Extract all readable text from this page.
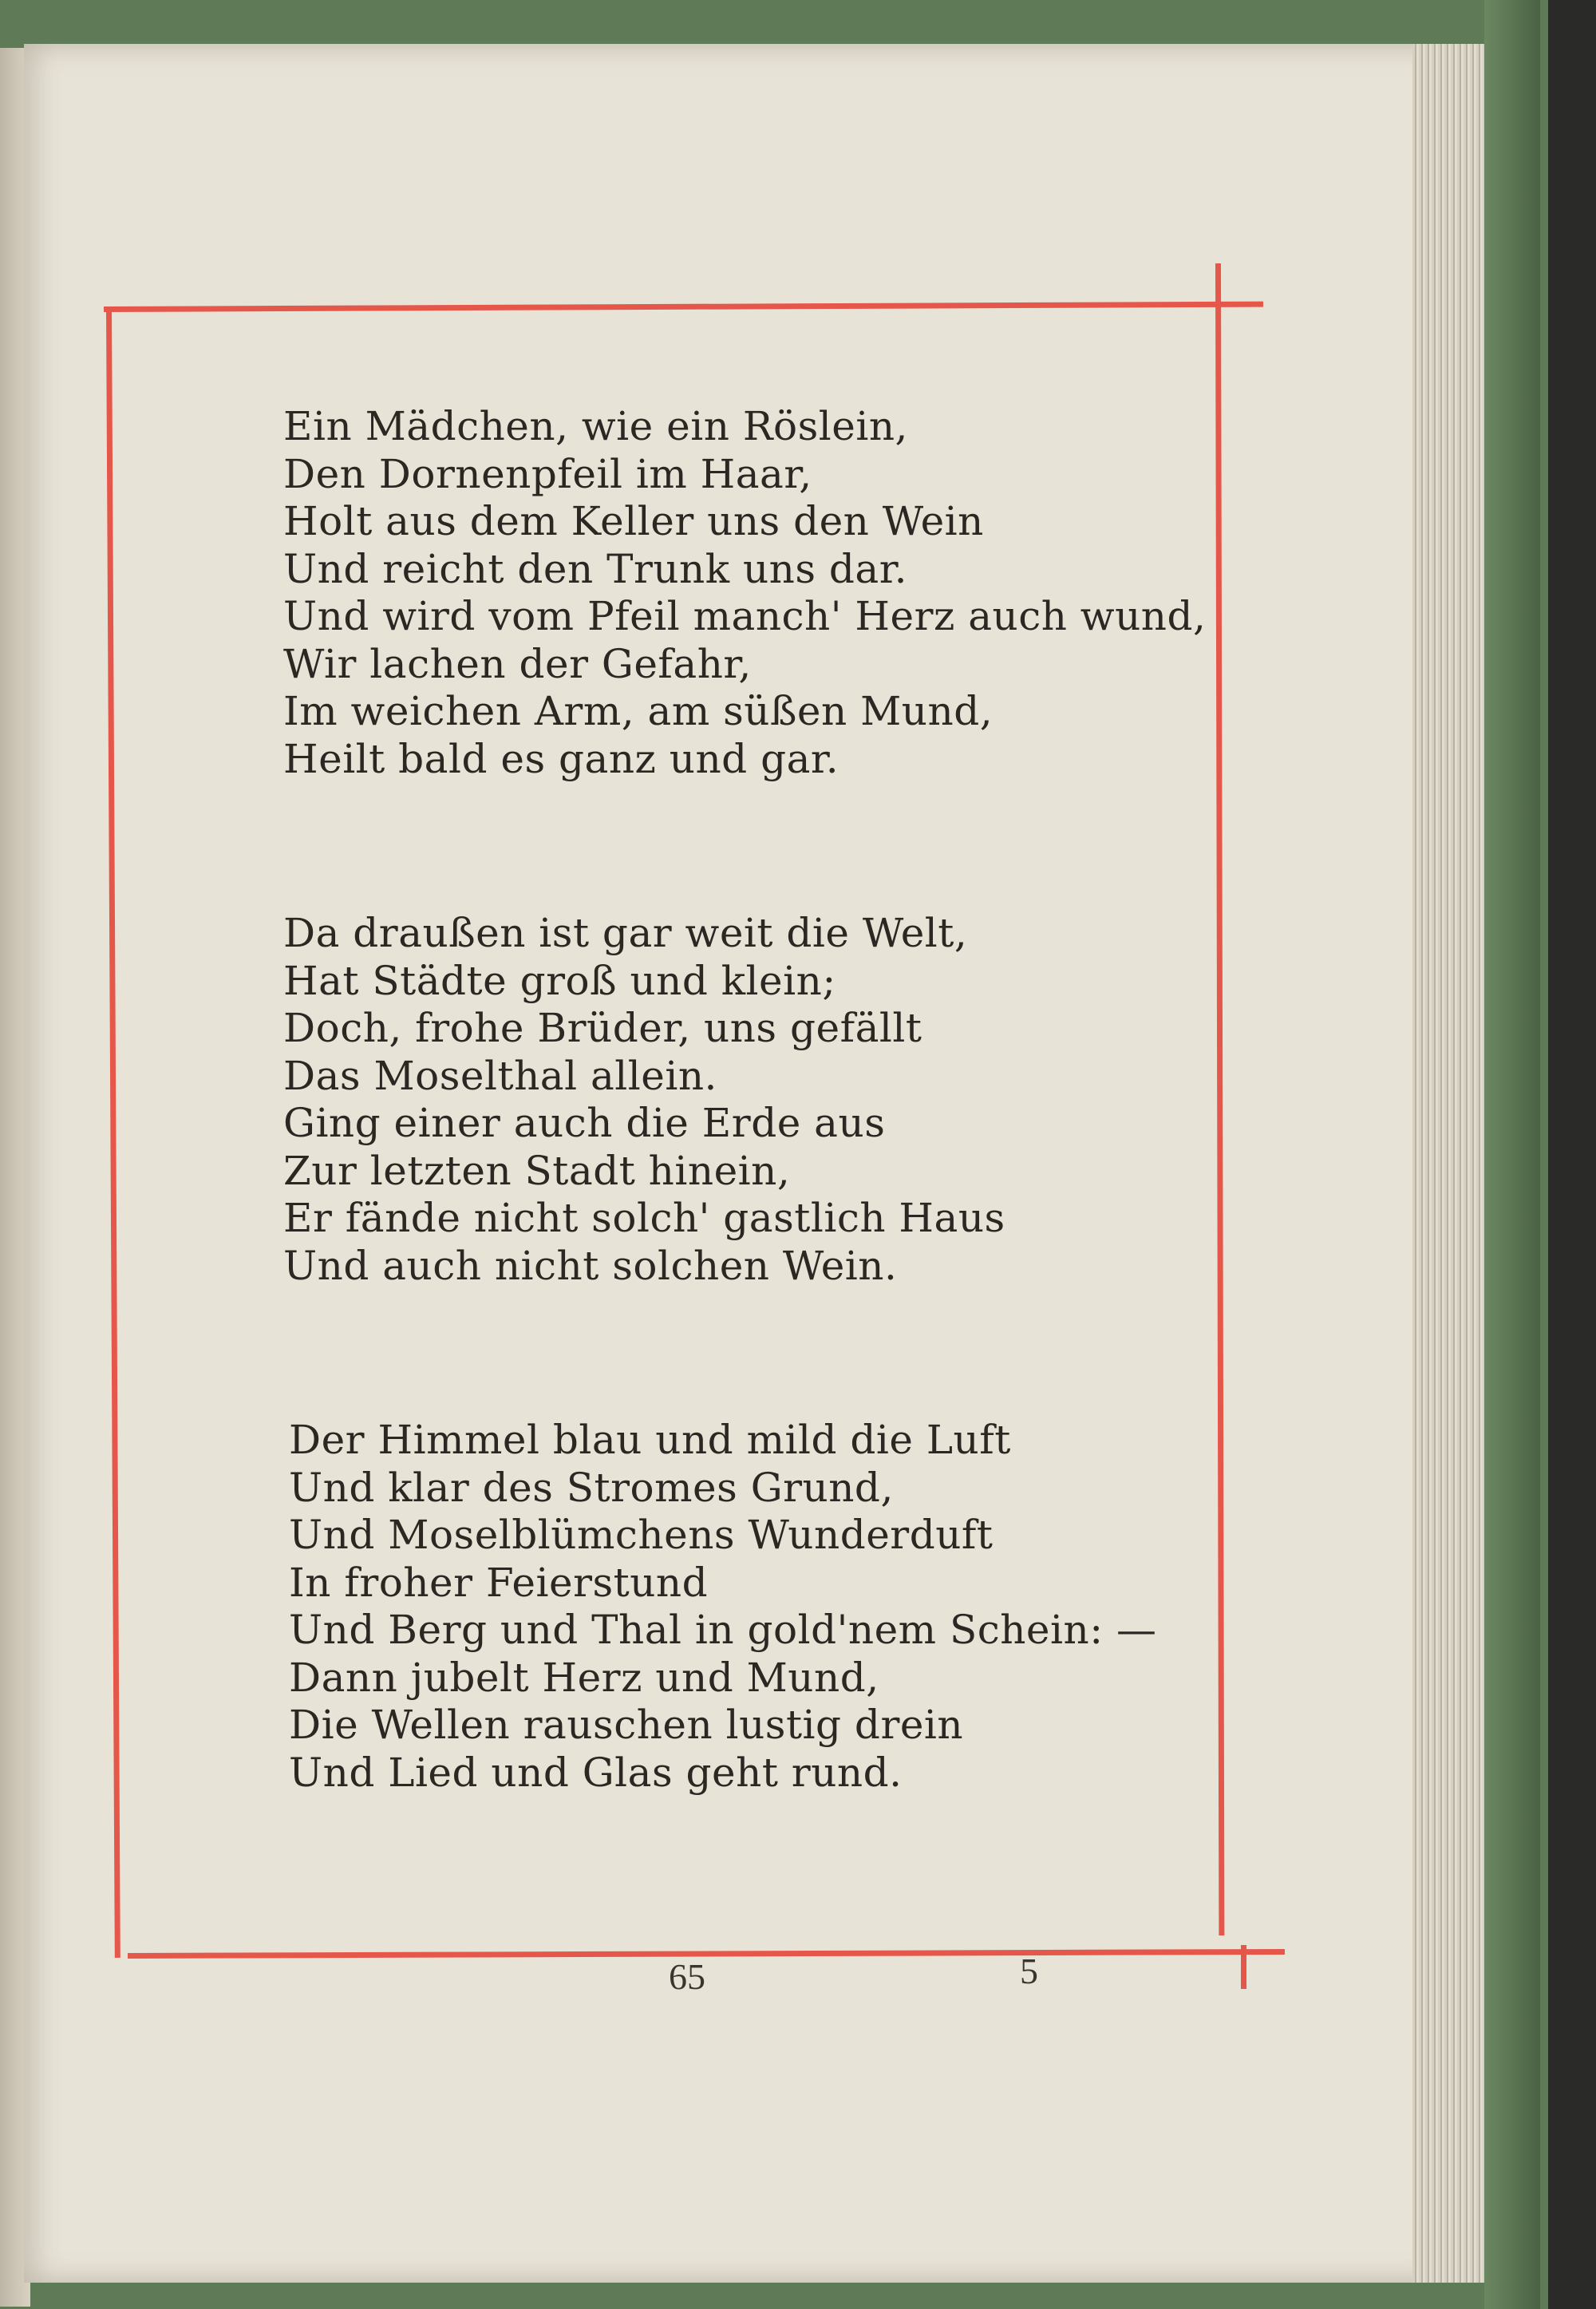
Ein Mädchen, wie ein Röslein,
Den Dornenpfeil im Haar,
Holt aus dem Keller uns den Wein
Und reicht den Trunk uns dar.
Und wird vom Pfeil manch' Herz auch wund,
Wir lachen der Gefahr,
Im weichen Arm, am süßen Mund,
Heilt bald es ganz und gar.
Da draußen ist gar weit die Welt,
Hat Städte groß und klein;
Doch, frohe Brüder, uns gefällt
Das Moselthal allein.
Ging einer auch die Erde aus
Zur letzten Stadt hinein,
Er fände nicht solch' gastlich Haus
Und auch nicht solchen Wein.
Der Himmel blau und mild die Luft
Und klar des Stromes Grund,
Und Moselblümchens Wunderduft
In froher Feierstund
Und Berg und Thal in gold'nem Schein: —
Dann jubelt Herz und Mund,
Die Wellen rauschen lustig drein
Und Lied und Glas geht rund.
65	5
